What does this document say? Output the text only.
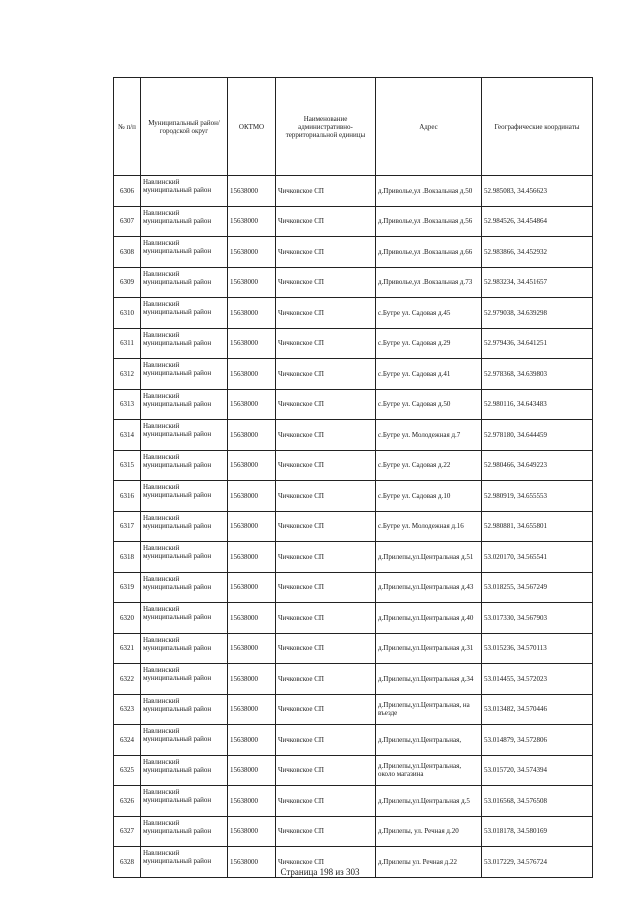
№ п/п	Муниципальный район/городской округ	ОКТМО	Наименование административно-территориальной единицы	Адрес	Географические координаты
6306	Навлинский муниципальный район	15638000	Чичковское СП	д.Приволье,ул .Вокзальная д.50	52.985083, 34.456623
6307	Навлинский муниципальный район	15638000	Чичковское СП	д.Приволье,ул .Вокзальная д.56	52.984526, 34.454864
6308	Навлинский муниципальный район	15638000	Чичковское СП	д.Приволье,ул .Вокзальная д.66	52.983866, 34.452932
6309	Навлинский муниципальный район	15638000	Чичковское СП	д.Приволье,ул .Вокзальная д.73	52.983234, 34.451657
6310	Навлинский муниципальный район	15638000	Чичковское СП	с.Бутре ул. Садовая д.45	52.979038, 34.639298
6311	Навлинский муниципальный район	15638000	Чичковское СП	с.Бутре ул. Садовая д.29	52.979436, 34.641251
6312	Навлинский муниципальный район	15638000	Чичковское СП	с.Бутре ул. Садовая д.41	52.978368, 34.639803
6313	Навлинский муниципальный район	15638000	Чичковское СП	с.Бутре ул. Садовая д.50	52.980116, 34.643483
6314	Навлинский муниципальный район	15638000	Чичковское СП	с.Бутре ул. Молодежная д.7	52.978180, 34.644459
6315	Навлинский муниципальный район	15638000	Чичковское СП	с.Бутре ул. Садовая д.22	52.980466, 34.649223
6316	Навлинский муниципальный район	15638000	Чичковское СП	с.Бутре ул. Садовая д.10	52.980919, 34.655553
6317	Навлинский муниципальный район	15638000	Чичковское СП	с.Бутре ул. Молодежная д.16	52.980881, 34.655801
6318	Навлинский муниципальный район	15638000	Чичковское СП	д.Прилепы,ул.Центральная д.51	53.020170, 34.565541
6319	Навлинский муниципальный район	15638000	Чичковское СП	д.Прилепы,ул.Центральная д.43	53.018255, 34.567249
6320	Навлинский муниципальный район	15638000	Чичковское СП	д.Прилепы,ул.Центральная д.40	53.017330, 34.567903
6321	Навлинский муниципальный район	15638000	Чичковское СП	д.Прилепы,ул.Центральная д.31	53.015236, 34.570113
6322	Навлинский муниципальный район	15638000	Чичковское СП	д.Прилепы,ул.Центральная д.34	53.014455, 34.572023
6323	Навлинский муниципальный район	15638000	Чичковское СП	д.Прилепы,ул.Центральная, на въезде	53.013482, 34.570446
6324	Навлинский муниципальный район	15638000	Чичковское СП	д.Прилепы,ул.Центральная,	53.014879, 34.572806
6325	Навлинский муниципальный район	15638000	Чичковское СП	д.Прилепы,ул.Центральная, около магазина	53.015720, 34.574394
6326	Навлинский муниципальный район	15638000	Чичковское СП	д.Прилепы,ул.Центральная д.5	53.016568, 34.576508
6327	Навлинский муниципальный район	15638000	Чичковское СП	д.Прилепы, ул. Речная д.20	53.018178, 34.580169
6328	Навлинский муниципальный район	15638000	Чичковское СП	д.Прилепы ул. Речная д.22	53.017229, 34.576724
Страница 198 из 303
